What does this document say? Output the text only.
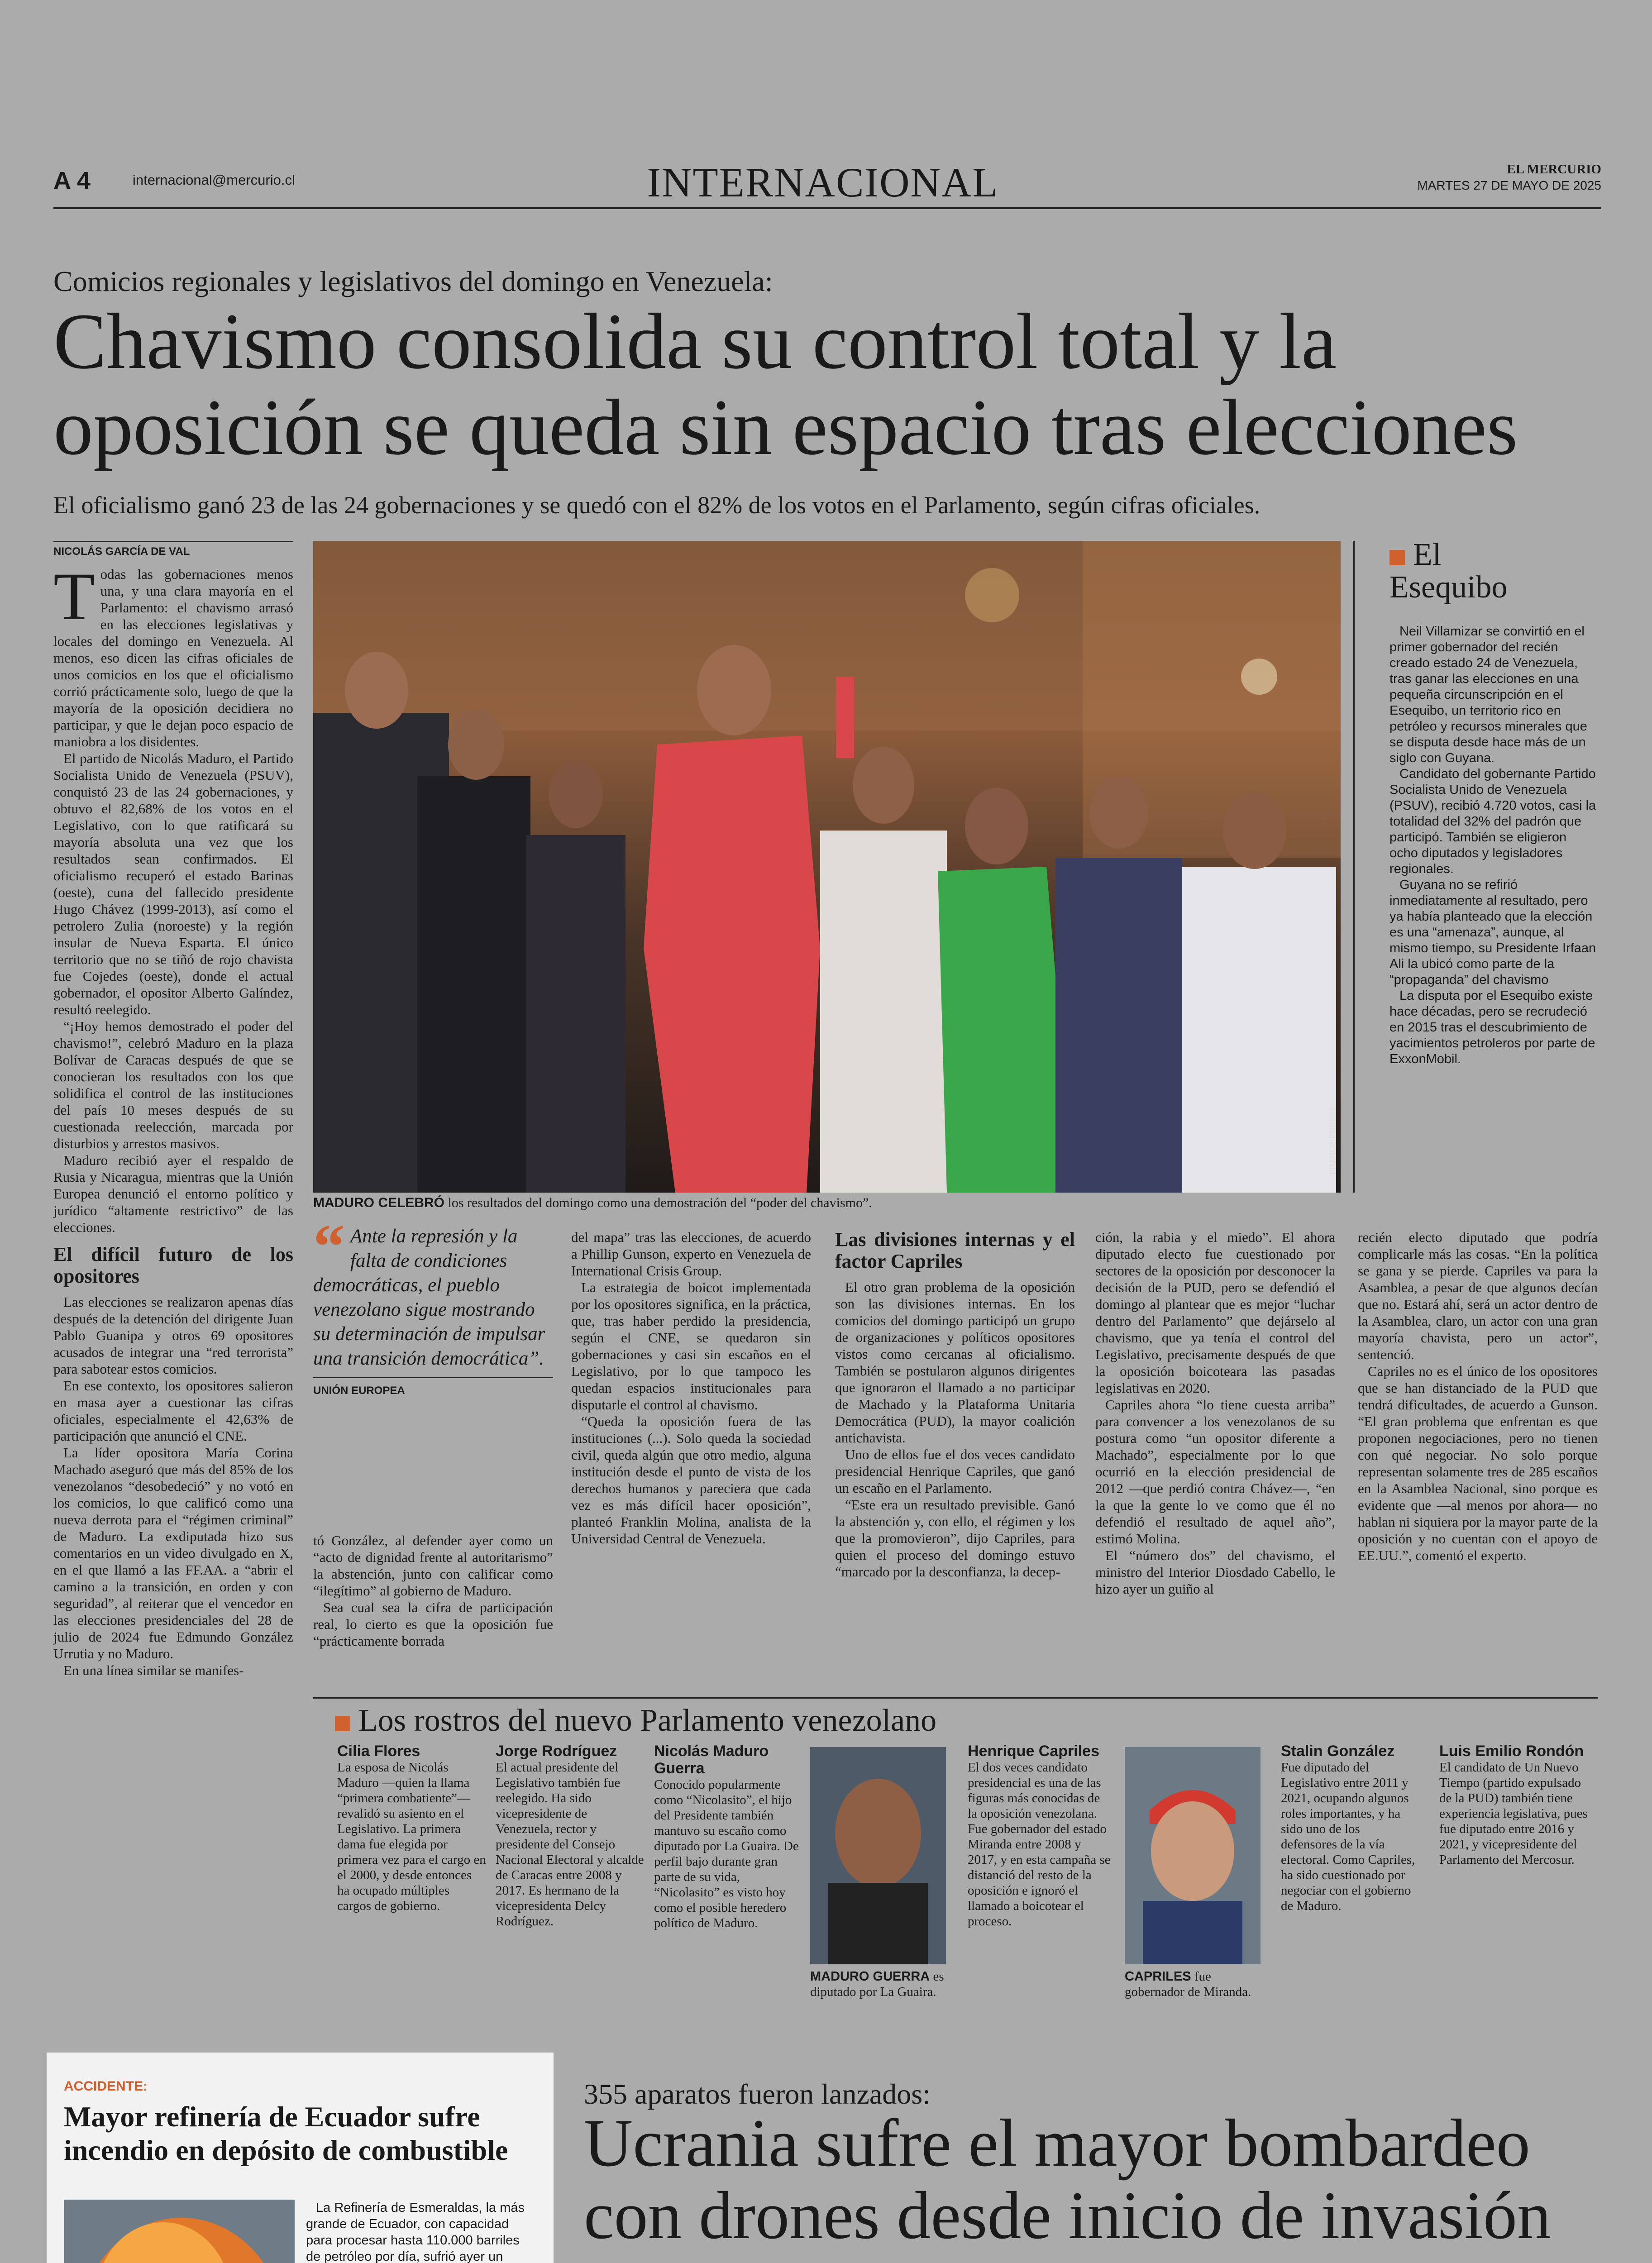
A 4	internacional@mercurio.cl	INTERNACIONAL	EL MERCURIO
MARTES 27 DE MAYO DE 2025
Comicios regionales y legislativos del domingo en Venezuela:
Chavismo consolida su control total y la
oposición se queda sin espacio tras elecciones
El oficialismo ganó 23 de las 24 gobernaciones y se quedó con el 82% de los votos en el Parlamento, según cifras oficiales.
NICOLÁS GARCÍA DE VAL
T odas las gobernaciones menos una, y una clara mayoría en el Parlamento: el chavismo arrasó en las elecciones legislativas y locales del domingo en Venezuela. Al menos, eso dicen las cifras oficiales de unos comicios en los que el oficialismo corrió prácticamente solo, luego de que la mayoría de la oposición decidiera no participar, y que le dejan poco espacio de maniobra a los disidentes.

El partido de Nicolás Maduro, el Partido Socialista Unido de Venezuela (PSUV), conquistó 23 de las 24 gobernaciones, y obtuvo el 82,68% de los votos en el Legislativo, con lo que ratificará su mayoría absoluta una vez que los resultados sean confirmados. El oficialismo recuperó el estado Barinas (oeste), cuna del fallecido presidente Hugo Chávez (1999-2013), así como el petrolero Zulia (noroeste) y la región insular de Nueva Esparta. El único territorio que no se tiñó de rojo chavista fue Cojedes (oeste), donde el actual gobernador, el opositor Alberto Galíndez, resultó reelegido.

“¡Hoy hemos demostrado el poder del chavismo!”, celebró Maduro en la plaza Bolívar de Caracas después de que se conocieran los resultados con los que solidifica el control de las instituciones del país 10 meses después de su cuestionada reelección, marcada por disturbios y arrestos masivos.

Maduro recibió ayer el respaldo de Rusia y Nicaragua, mientras que la Unión Europea denunció el entorno político y jurídico “altamente restrictivo” de las elecciones.

El difícil futuro de los opositores

Las elecciones se realizaron apenas días después de la detención del dirigente Juan Pablo Guanipa y otros 69 opositores acusados de integrar una “red terrorista” para sabotear estos comicios.

En ese contexto, los opositores salieron en masa ayer a cuestionar las cifras oficiales, especialmente el 42,63% de participación que anunció el CNE.

La líder opositora María Corina Machado aseguró que más del 85% de los venezolanos “desobedeció” y no votó en los comicios, lo que calificó como una nueva derrota para el “régimen criminal” de Maduro. La exdiputada hizo sus comentarios en un video divulgado en X, en el que llamó a las FF.AA. a “abrir el camino a la transición, en orden y con seguridad”, al reiterar que el vencedor en las elecciones presidenciales del 28 de julio de 2024 fue Edmundo González Urrutia y no Maduro.

En una línea similar se manifes-

FRANCE PRESSE
MADURO CELEBRÓ los resultados del domingo como una demostración del “poder del chavismo”.
El
Esequibo

Neil Villamizar se convirtió en el primer gobernador del recién creado estado 24 de Venezuela, tras ganar las elecciones en una pequeña circunscripción en el Esequibo, un territorio rico en petróleo y recursos minerales que se disputa desde hace más de un siglo con Guyana.

Candidato del gobernante Partido Socialista Unido de Venezuela (PSUV), recibió 4.720 votos, casi la totalidad del 32% del padrón que participó. También se eligieron ocho diputados y legisladores regionales.

Guyana no se refirió inmediatamente al resultado, pero ya había planteado que la elección es una “amenaza”, aunque, al mismo tiempo, su Presidente Irfaan Ali la ubicó como parte de la “propaganda” del chavismo

La disputa por el Esequibo existe hace décadas, pero se recrudeció en 2015 tras el descubrimiento de yacimientos petroleros por parte de ExxonMobil.

“ Ante la represión y la falta de condiciones democráticas, el pueblo venezolano sigue mostrando su determinación de impulsar una transición democrática”.
UNIÓN EUROPEA

tó González, al defender ayer como un “acto de dignidad frente al autoritarismo” la abstención, junto con calificar como “ilegítimo” al gobierno de Maduro.

Sea cual sea la cifra de participación real, lo cierto es que la oposición fue “prácticamente borrada

del mapa” tras las elecciones, de acuerdo a Phillip Gunson, experto en Venezuela de International Crisis Group.

La estrategia de boicot implementada por los opositores significa, en la práctica, que, tras haber perdido la presidencia, según el CNE, se quedaron sin gobernaciones y casi sin escaños en el Legislativo, por lo que tampoco les quedan espacios institucionales para disputarle el control al chavismo.

“Queda la oposición fuera de las instituciones (...). Solo queda la sociedad civil, queda algún que otro medio, alguna institución desde el punto de vista de los derechos humanos y pareciera que cada vez es más difícil hacer oposición”, planteó Franklin Molina, analista de la Universidad Central de Venezuela.

Las divisiones internas y el factor Capriles

El otro gran problema de la oposición son las divisiones internas. En los comicios del domingo participó un grupo de organizaciones y políticos opositores vistos como cercanas al oficialismo. También se postularon algunos dirigentes que ignoraron el llamado a no participar de Machado y la Plataforma Unitaria Democrática (PUD), la mayor coalición antichavista.

Uno de ellos fue el dos veces candidato presidencial Henrique Capriles, que ganó un escaño en el Parlamento.

“Este era un resultado previsible. Ganó la abstención y, con ello, el régimen y los que la promovieron”, dijo Capriles, para quien el proceso del domingo estuvo “marcado por la desconfianza, la decep-

ción, la rabia y el miedo”. El ahora diputado electo fue cuestionado por sectores de la oposición por desconocer la decisión de la PUD, pero se defendió el domingo al plantear que es mejor “luchar dentro del Parlamento” que dejárselo al chavismo, que ya tenía el control del Legislativo, precisamente después de que la oposición boicoteara las pasadas legislativas en 2020.

Capriles ahora “lo tiene cuesta arriba” para convencer a los venezolanos de su postura como “un opositor diferente a Machado”, especialmente por lo que ocurrió en la elección presidencial de 2012 —que perdió contra Chávez—, “en la que la gente lo ve como que él no defendió el resultado de aquel año”, estimó Molina.

El “número dos” del chavismo, el ministro del Interior Diosdado Cabello, le hizo ayer un guiño al

recién electo diputado que podría complicarle más las cosas. “En la política se gana y se pierde. Capriles va para la Asamblea, a pesar de que algunos decían que no. Estará ahí, será un actor dentro de la Asamblea, claro, un actor con una gran mayoría chavista, pero un actor”, sentenció.

Capriles no es el único de los opositores que se han distanciado de la PUD que tendrá dificultades, de acuerdo a Gunson. “El gran problema que enfrentan es que proponen negociaciones, pero no tienen con qué negociar. No solo porque representan solamente tres de 285 escaños en la Asamblea Nacional, sino porque es evidente que —al menos por ahora— no hablan ni siquiera por la mayor parte de la oposición y no cuentan con el apoyo de EE.UU.”, comentó el experto.

Los rostros del nuevo Parlamento venezolano
Cilia Flores
La esposa de Nicolás Maduro —quien la llama “primera combatiente”— revalidó su asiento en el Legislativo. La primera dama fue elegida por primera vez para el cargo en el 2000, y desde entonces ha ocupado múltiples cargos de gobierno.
Jorge Rodríguez
El actual presidente del Legislativo también fue reelegido. Ha sido vicepresidente de Venezuela, rector y presidente del Consejo Nacional Electoral y alcalde de Caracas entre 2008 y 2017. Es hermano de la vicepresidenta Delcy Rodríguez.
Nicolás Maduro Guerra
Conocido popularmente como “Nicolasito”, el hijo del Presidente también mantuvo su escaño como diputado por La Guaira. De perfil bajo durante gran parte de su vida, “Nicolasito” es visto hoy como el posible heredero político de Maduro.
MADURO GUERRA es diputado por La Guaira.
Henrique Capriles
El dos veces candidato presidencial es una de las figuras más conocidas de la oposición venezolana. Fue gobernador del estado Miranda entre 2008 y 2017, y en esta campaña se distanció del resto de la oposición e ignoró el llamado a boicotear el proceso.
CAPRILES fue gobernador de Miranda.
Stalin González
Fue diputado del Legislativo entre 2011 y 2021, ocupando algunos roles importantes, y ha sido uno de los defensores de la vía electoral. Como Capriles, ha sido cuestionado por negociar con el gobierno de Maduro.
Luis Emilio Rondón
El candidato de Un Nuevo Tiempo (partido expulsado de la PUD) también tiene experiencia legislativa, pues fue diputado entre 2016 y 2021, y vicepresidente del Parlamento del Mercosur.
ACCIDENTE:
Mayor refinería de Ecuador sufre incendio en depósito de combustible

La Refinería de Esmeraldas, la más grande de Ecuador, con capacidad para procesar hasta 110.000 barriles de petróleo por día, sufrió ayer un

355 aparatos fueron lanzados:
Ucrania sufre el mayor bombardeo
con drones desde inicio de invasión
